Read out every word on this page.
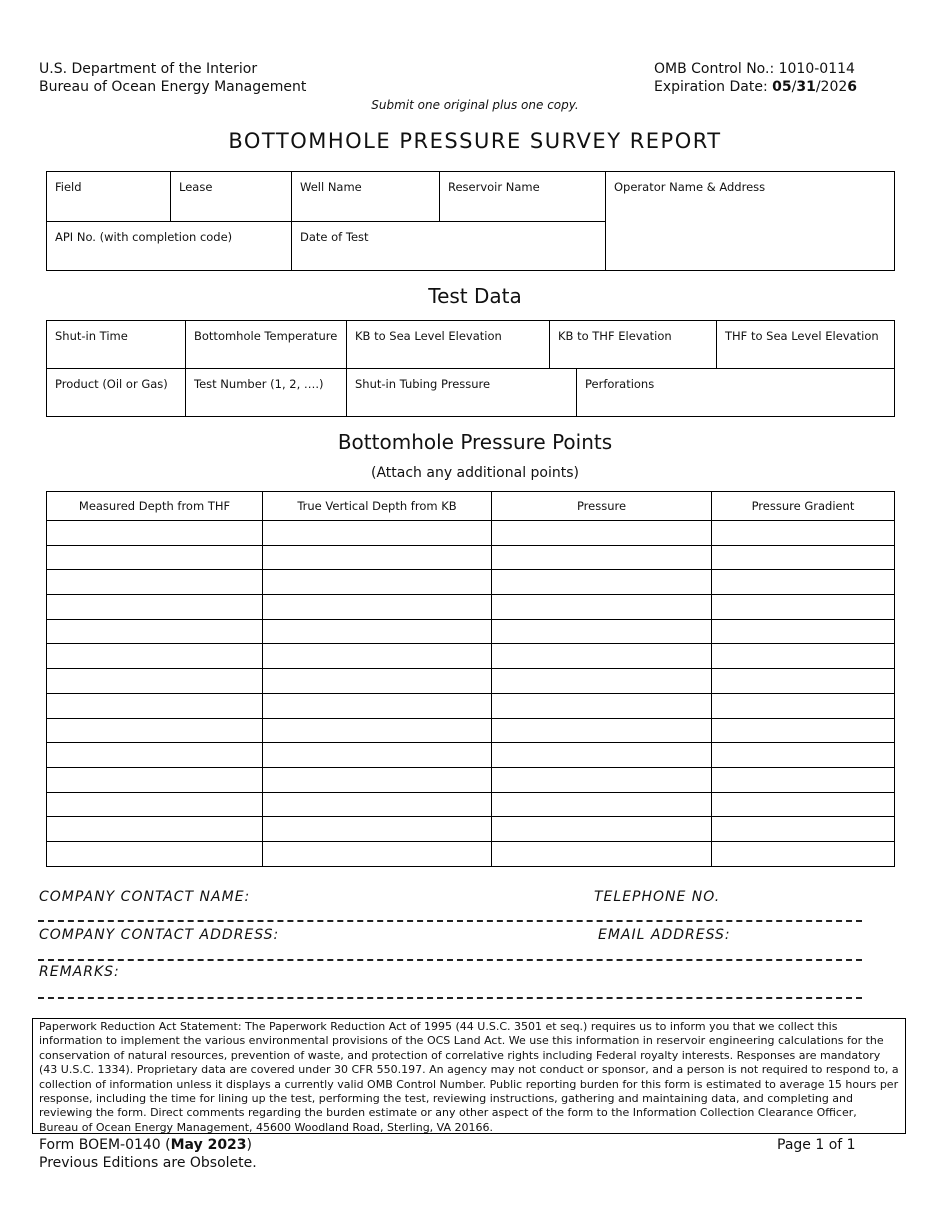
U.S. Department of the Interior
Bureau of Ocean Energy Management
OMB Control No.: 1010-0114
Expiration Date: 05/31/2026
Submit one original plus one copy.
BOTTOMHOLE PRESSURE SURVEY REPORT
Field	Lease	Well Name	Reservoir Name	Operator Name & Address
API No. (with completion code)		Date of Test		
Test Data
Shut-in Time	Bottomhole Temperature	KB to Sea Level Elevation	KB to THF Elevation		THF to Sea Level Elevation
Product (Oil or Gas)	Test Number (1, 2, ….)	Shut-in Tubing Pressure		Perforations	
Bottomhole Pressure Points
(Attach any additional points)
Measured Depth from THF	True Vertical Depth from KB	Pressure	Pressure Gradient

COMPANY CONTACT NAME:	TELEPHONE NO.
COMPANY CONTACT ADDRESS:	EMAIL ADDRESS:
REMARKS:
Paperwork Reduction Act Statement: The Paperwork Reduction Act of 1995 (44 U.S.C. 3501 et seq.) requires us to inform you that we collect this information to implement the various environmental provisions of the OCS Land Act. We use this information in reservoir engineering calculations for the conservation of natural resources, prevention of waste, and protection of correlative rights including Federal royalty interests. Responses are mandatory (43 U.S.C. 1334). Proprietary data are covered under 30 CFR 550.197. An agency may not conduct or sponsor, and a person is not required to respond to, a collection of information unless it displays a currently valid OMB Control Number. Public reporting burden for this form is estimated to average 15 hours per response, including the time for lining up the test, performing the test, reviewing instructions, gathering and maintaining data, and completing and reviewing the form. Direct comments regarding the burden estimate or any other aspect of the form to the Information Collection Clearance Officer, Bureau of Ocean Energy Management, 45600 Woodland Road, Sterling, VA 20166.
Form BOEM-0140 (May 2023)
Previous Editions are Obsolete.
Page 1 of 1
